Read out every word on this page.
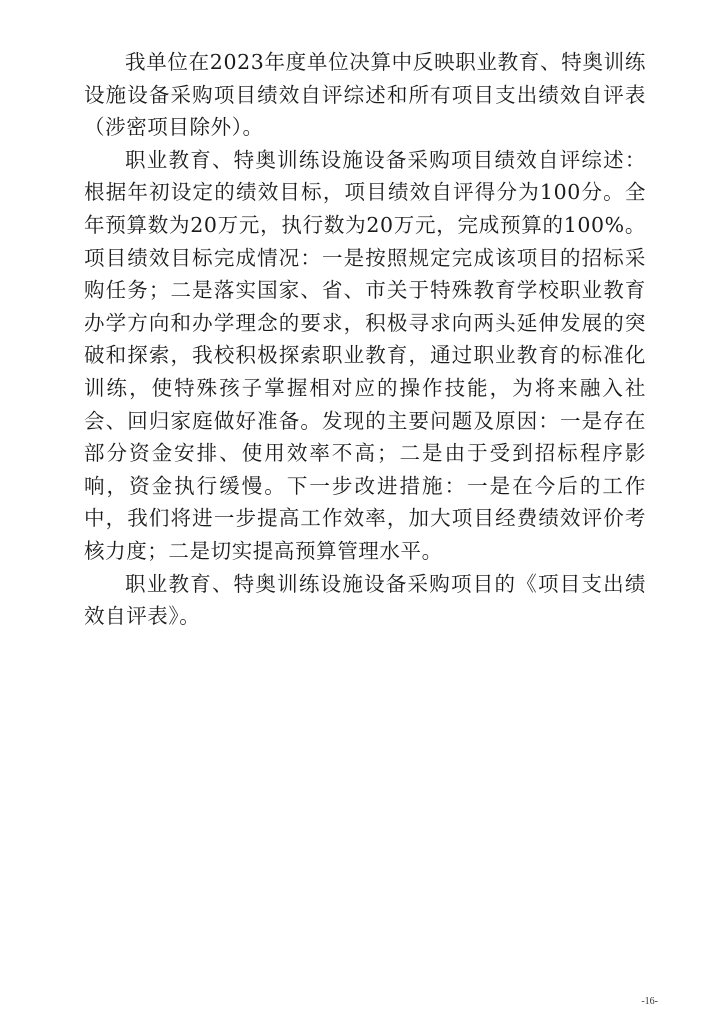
我单位在2023年度单位决算中反映职业教育、特奥训练设施设备采购项目绩效自评综述和所有项目支出绩效自评表（涉密项目除外）。

职业教育、特奥训练设施设备采购项目绩效自评综述：根据年初设定的绩效目标，项目绩效自评得分为100分。全年预算数为20万元，执行数为20万元，完成预算的100%。项目绩效目标完成情况：一是按照规定完成该项目的招标采购任务；二是落实国家、省、市关于特殊教育学校职业教育办学方向和办学理念的要求，积极寻求向两头延伸发展的突破和探索，我校积极探索职业教育，通过职业教育的标准化训练，使特殊孩子掌握相对应的操作技能，为将来融入社会、回归家庭做好准备。发现的主要问题及原因：一是存在部分资金安排、使用效率不高；二是由于受到招标程序影响，资金执行缓慢。下一步改进措施：一是在今后的工作中，我们将进一步提高工作效率，加大项目经费绩效评价考核力度；二是切实提高预算管理水平。

职业教育、特奥训练设施设备采购项目的《项目支出绩效自评表》。

-16-
